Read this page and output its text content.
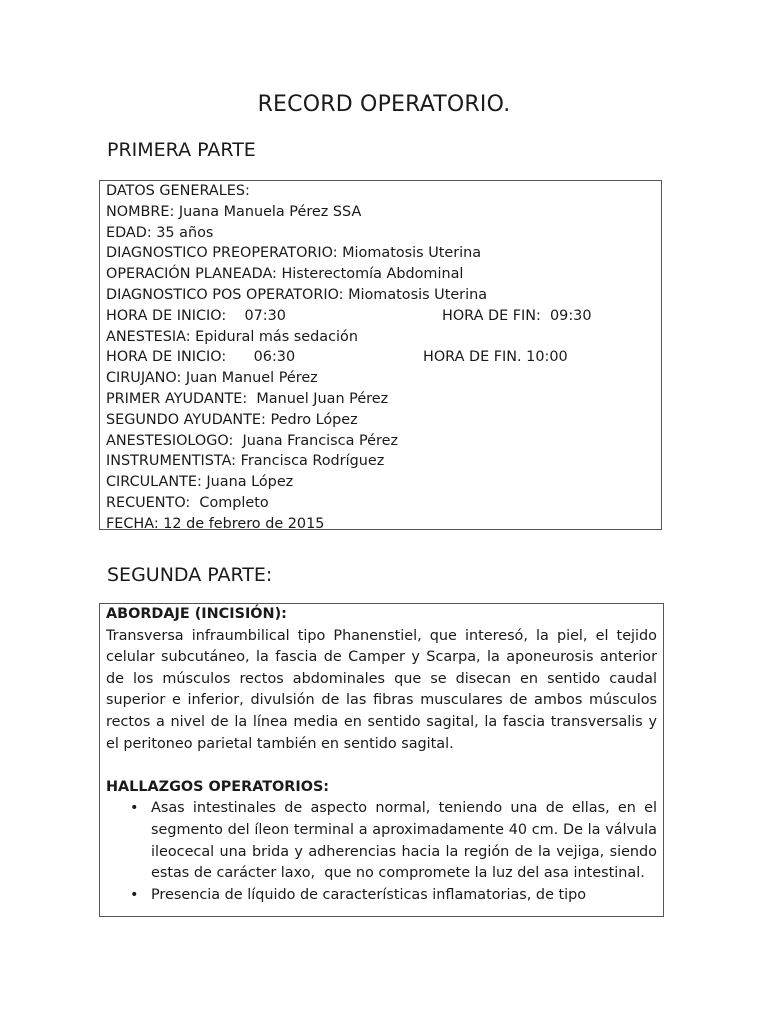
RECORD OPERATORIO.
PRIMERA PARTE
DATOS GENERALES:
NOMBRE: Juana Manuela Pérez SSA
EDAD: 35 años
DIAGNOSTICO PREOPERATORIO: Miomatosis Uterina
OPERACIÓN PLANEADA: Histerectomía Abdominal
DIAGNOSTICO POS OPERATORIO: Miomatosis Uterina
HORA DE INICIO:    07:30	HORA DE FIN:  09:30
ANESTESIA: Epidural más sedación
HORA DE INICIO:      06:30	HORA DE FIN. 10:00
CIRUJANO: Juan Manuel Pérez
PRIMER AYUDANTE:  Manuel Juan Pérez
SEGUNDO AYUDANTE: Pedro López
ANESTESIOLOGO:  Juana Francisca Pérez
INSTRUMENTISTA: Francisca Rodríguez
CIRCULANTE: Juana López
RECUENTO:  Completo
FECHA: 12 de febrero de 2015
SEGUNDA PARTE:
ABORDAJE (INCISIÓN):
Transversa infraumbilical tipo Phanenstiel, que interesó, la piel, el tejido celular subcutáneo, la fascia de Camper y Scarpa, la aponeurosis anterior de los músculos rectos abdominales que se disecan en sentido caudal superior e inferior, divulsión de las fibras musculares de ambos músculos rectos a nivel de la línea media en sentido sagital, la fascia transversalis y el peritoneo parietal también en sentido sagital.
HALLAZGOS OPERATORIOS:
• Asas intestinales de aspecto normal, teniendo una de ellas, en el segmento del íleon terminal a aproximadamente 40 cm. De la válvula ileocecal una brida y adherencias hacia la región de la vejiga, siendo estas de carácter laxo,  que no compromete la luz del asa intestinal.
• Presencia de líquido de características inflamatorias, de tipo
